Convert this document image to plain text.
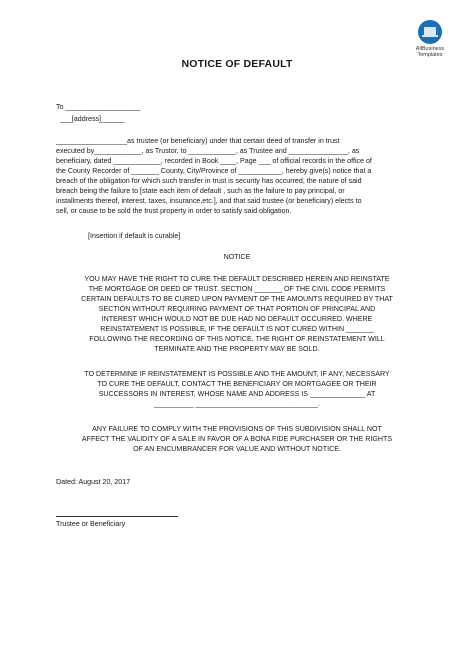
AllBusiness
Templates
NOTICE OF DEFAULT
To ___________________
___[address]______
__________________as trustee (or beneficiary) under that certain deed of transfer in trust
executed by____________, as Trustor, to ____________, as Trustee and _______________, as
beneficiary, dated ____________, recorded in Book ____, Page ___ of official records in the office of
the County Recorder of _______ County, City/Province of ___________, hereby give(s) notice that a
breach of the obligation for which such transfer in trust is security has occurred, the nature of said
breach being the failure to [state each item of default , such as the failure to pay principal, or
installments thereof, interest, taxes, insurance,etc.], and that said trustee (or beneficiary) elects to
sell, or cause to be sold the trust property in order to satisfy said obligation.
[Insertion if default is curable]
NOTICE
YOU MAY HAVE THE RIGHT TO CURE THE DEFAULT DESCRIBED HEREIN AND REINSTATE
THE MORTGAGE OR DEED OF TRUST. SECTION _______ OF THE CIVIL CODE PERMITS
CERTAIN DEFAULTS TO BE CURED UPON PAYMENT OF THE AMOUNTS REQUIRED BY THAT
SECTION WITHOUT REQUIRING PAYMENT OF THAT PORTION OF PRINCIPAL AND
INTEREST WHICH WOULD NOT BE DUE HAD NO DEFAULT OCCURRED. WHERE
REINSTATEMENT IS POSSIBLE, IF THE DEFAULT IS NOT CURED WITHIN _______
FOLLOWING THE RECORDING OF THIS NOTICE, THE RIGHT OF REINSTATEMENT WILL
TERMINATE AND THE PROPERTY MAY BE SOLD.
TO DETERMINE IF REINSTATEMENT IS POSSIBLE AND THE AMOUNT, IF ANY, NECESSARY
TO CURE THE DEFAULT, CONTACT THE BENEFICIARY OR MORTGAGEE OR THEIR
SUCCESSORS IN INTEREST, WHOSE NAME AND ADDRESS IS ______________ AT
__________ _______________________________.
ANY FAILURE TO COMPLY WITH THE PROVISIONS OF THIS SUBDIVISION SHALL NOT
AFFECT THE VALIDITY OF A SALE IN FAVOR OF A BONA FIDE PURCHASER OR THE RIGHTS
OF AN ENCUMBRANCER FOR VALUE AND WITHOUT NOTICE.
Dated: August 20, 2017
Trustee or Beneficiary
